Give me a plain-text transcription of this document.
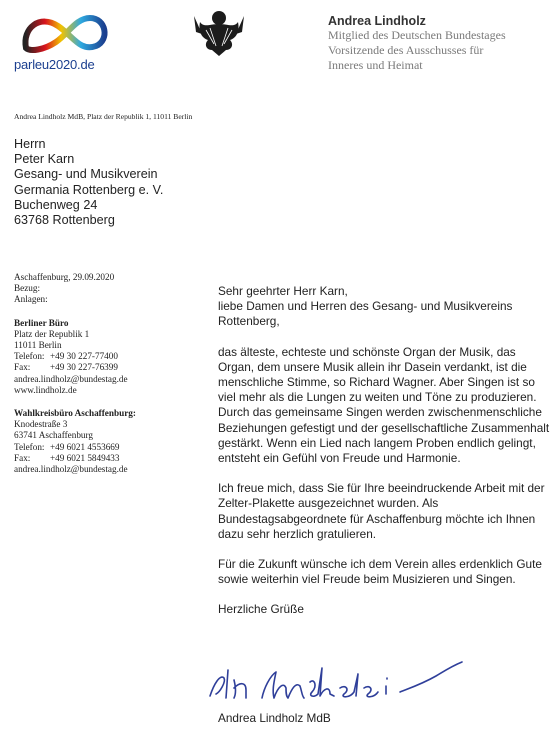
parleu2020.de
Andrea Lindholz
Mitglied des Deutschen Bundestages
Vorsitzende des Ausschusses für
Inneres und Heimat
Andrea Lindholz MdB, Platz der Republik 1, 11011 Berlin
Herrn
Peter Karn
Gesang- und Musikverein
Germania Rottenberg e. V.
Buchenweg 24
63768 Rottenberg
Aschaffenburg, 29.09.2020
Bezug:
Anlagen:
Berliner Büro
Platz der Republik 1
11011 Berlin
Telefon: +49 30 227-77400
Fax:	+49 30 227-76399
andrea.lindholz@bundestag.de
www.lindholz.de
Wahlkreisbüro Aschaffenburg:
Knodestraße 3
63741 Aschaffenburg
Telefon: +49 6021 4553669
Fax:	+49 6021 5849433
andrea.lindholz@bundestag.de
Sehr geehrter Herr Karn,

liebe Damen und Herren des Gesang- und Musikvereins Rottenberg,

das älteste, echteste und schönste Organ der Musik, das Organ, dem unsere Musik allein ihr Dasein verdankt, ist die menschliche Stimme, so Richard Wagner. Aber Singen ist so viel mehr als die Lungen zu weiten und Töne zu produzieren. Durch das gemeinsame Singen werden zwischenmenschliche Beziehungen gefestigt und der gesellschaftliche Zusammenhalt gestärkt. Wenn ein Lied nach langem Proben endlich gelingt, entsteht ein Gefühl von Freude und Harmonie.

Ich freue mich, dass Sie für Ihre beeindruckende Arbeit mit der Zelter-Plakette ausgezeichnet wurden. Als Bundestagsabgeordnete für Aschaffenburg möchte ich Ihnen dazu sehr herzlich gratulieren.

Für die Zukunft wünsche ich dem Verein alles erdenklich Gute sowie weiterhin viel Freude beim Musizieren und Singen.

Herzliche Grüße
Andrea Lindholz MdB
